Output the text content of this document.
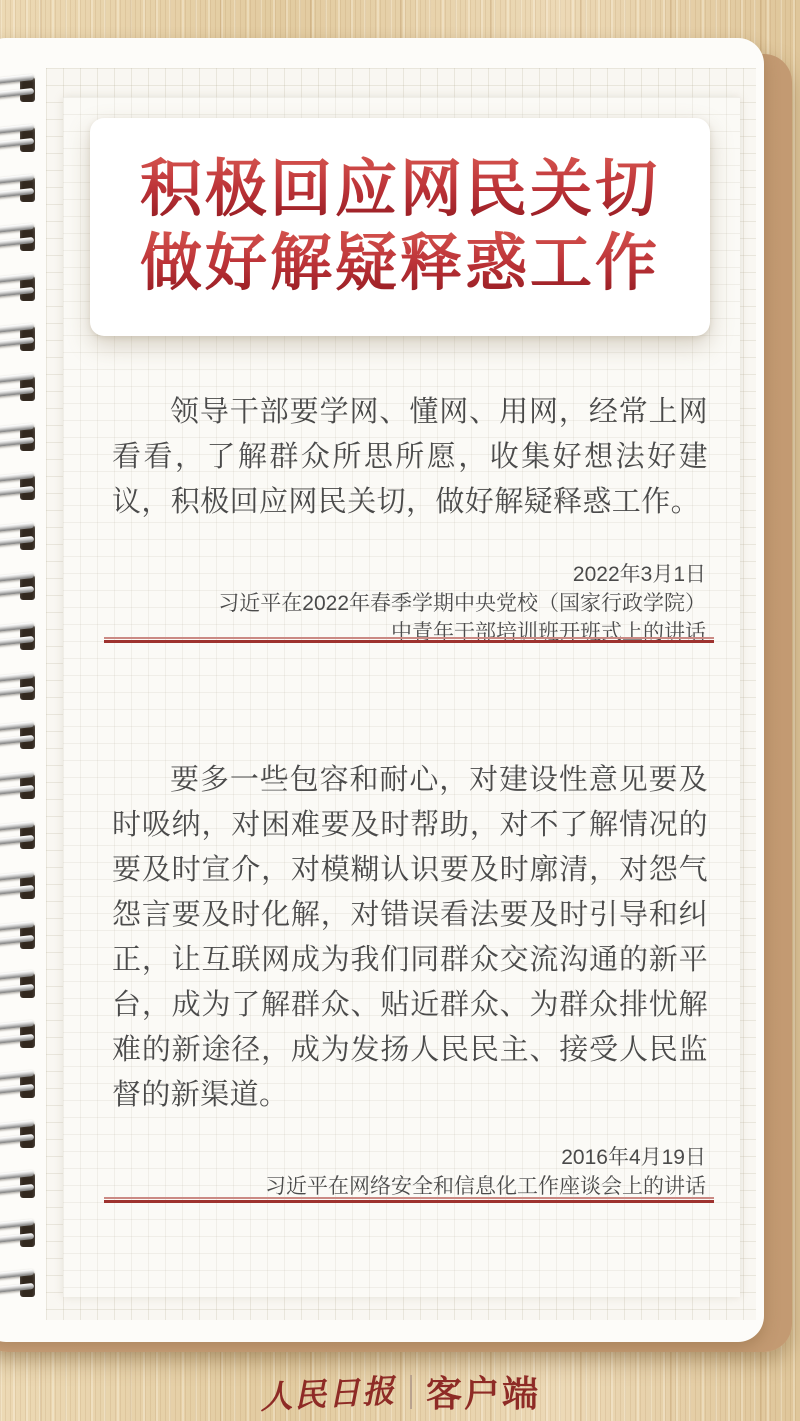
积极回应网民关切
做好解疑释惑工作
领导干部要学网、懂网、用网，经常上网看看，了解群众所思所愿，收集好想法好建议，积极回应网民关切，做好解疑释惑工作。
2022年3月1日
习近平在2022年春季学期中央党校（国家行政学院）
中青年干部培训班开班式上的讲话
要多一些包容和耐心，对建设性意见要及时吸纳，对困难要及时帮助，对不了解情况的要及时宣介，对模糊认识要及时廓清，对怨气怨言要及时化解，对错误看法要及时引导和纠正，让互联网成为我们同群众交流沟通的新平台，成为了解群众、贴近群众、为群众排忧解难的新途径，成为发扬人民民主、接受人民监督的新渠道。
2016年4月19日
习近平在网络安全和信息化工作座谈会上的讲话
人民日报 客户端
